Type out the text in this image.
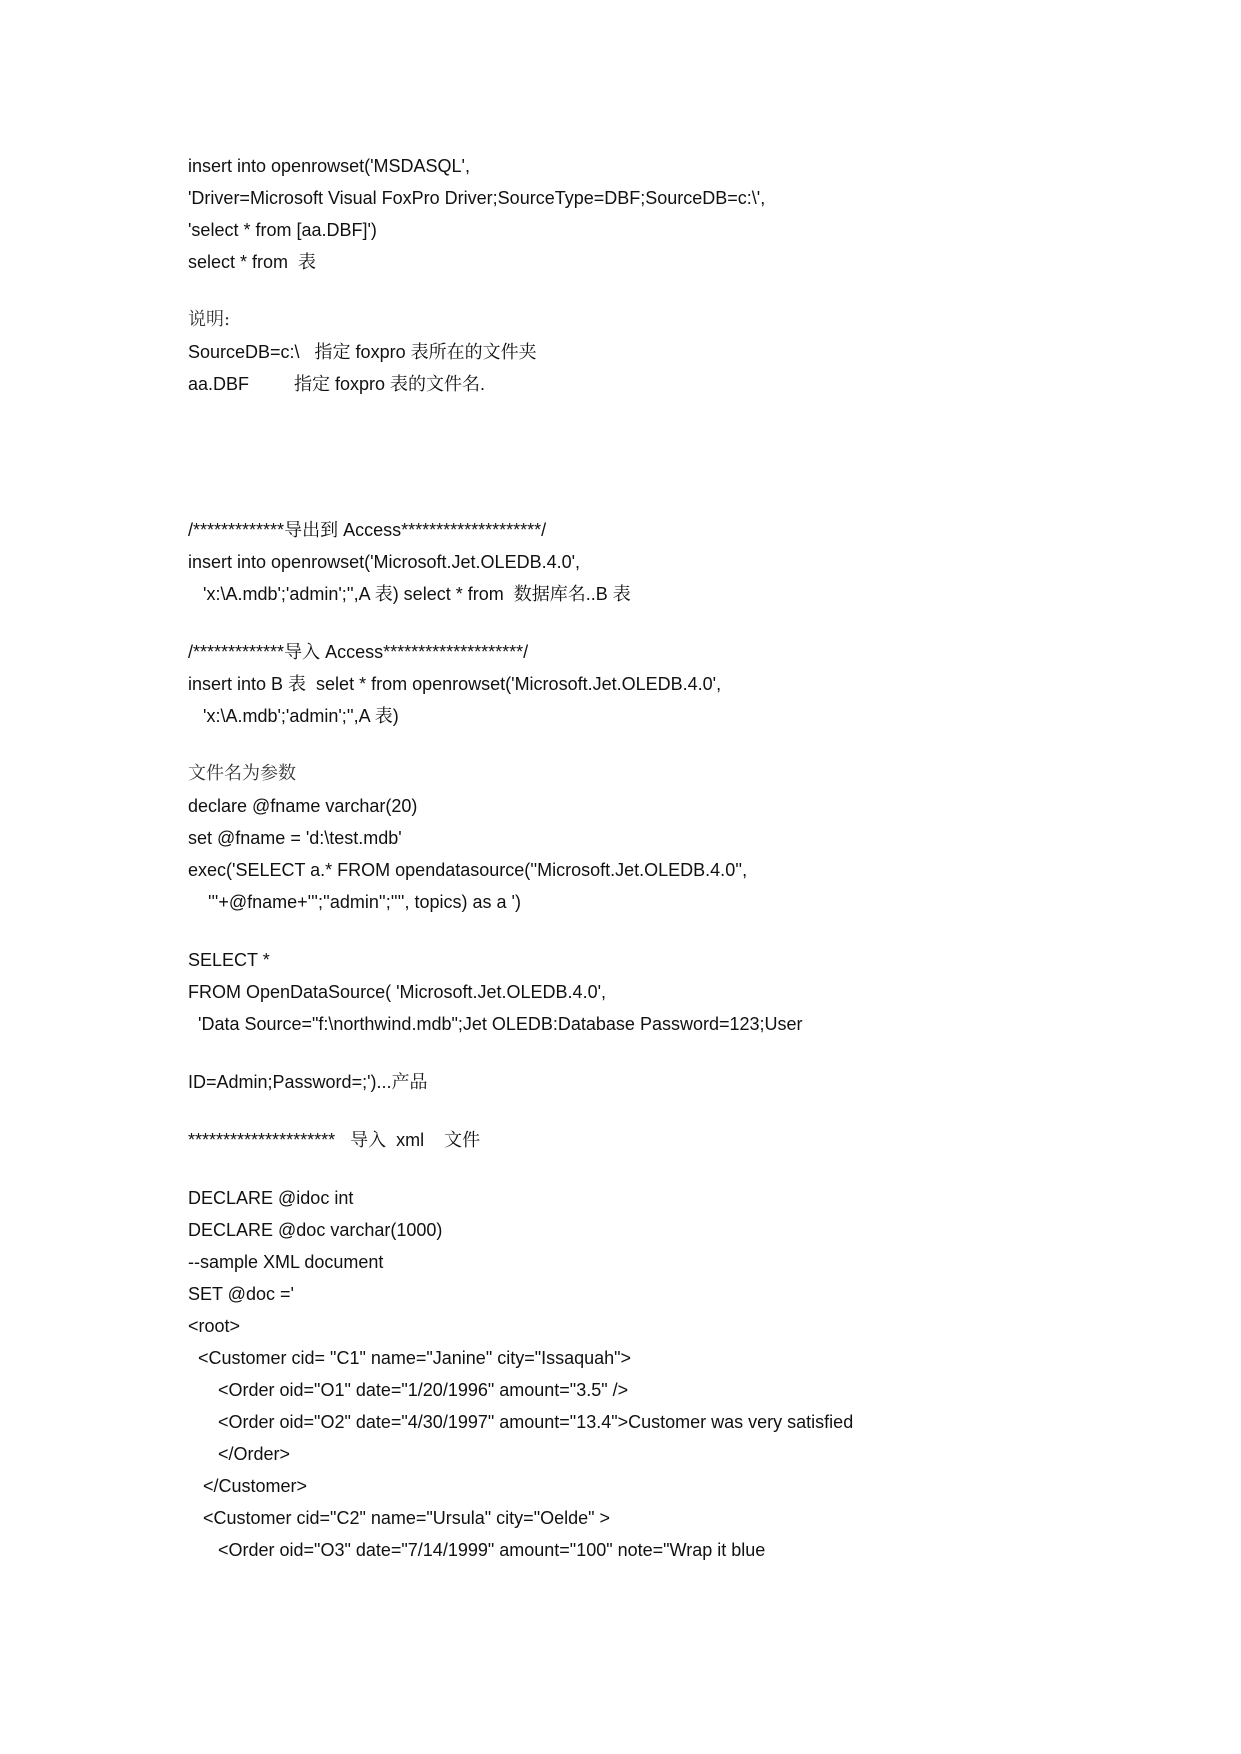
insert into openrowset('MSDASQL',
'Driver=Microsoft Visual FoxPro Driver;SourceType=DBF;SourceDB=c:\',
'select * from [aa.DBF]')
select * from  表
说明:
SourceDB=c:\   指定 foxpro 表所在的文件夹
aa.DBF         指定 foxpro 表的文件名.
/*************导出到 Access********************/
insert into openrowset('Microsoft.Jet.OLEDB.4.0',
'x:\A.mdb';'admin';'',A 表) select * from  数据库名..B 表
/*************导入 Access********************/
insert into B 表  selet * from openrowset('Microsoft.Jet.OLEDB.4.0',
'x:\A.mdb';'admin';'',A 表)
文件名为参数
declare @fname varchar(20)
set @fname = 'd:\test.mdb'
exec('SELECT a.* FROM opendatasource(''Microsoft.Jet.OLEDB.4.0'',
'''+@fname+''';''admin'';'''', topics) as a ')
SELECT *
FROM OpenDataSource( 'Microsoft.Jet.OLEDB.4.0',
'Data Source="f:\northwind.mdb";Jet OLEDB:Database Password=123;User
ID=Admin;Password=;')...产品
*********************   导入  xml    文件
DECLARE @idoc int
DECLARE @doc varchar(1000)
--sample XML document
SET @doc ='
<root>
<Customer cid= "C1" name="Janine" city="Issaquah">
<Order oid="O1" date="1/20/1996" amount="3.5" />
<Order oid="O2" date="4/30/1997" amount="13.4">Customer was very satisfied
</Order>
</Customer>
<Customer cid="C2" name="Ursula" city="Oelde" >
<Order oid="O3" date="7/14/1999" amount="100" note="Wrap it blue
